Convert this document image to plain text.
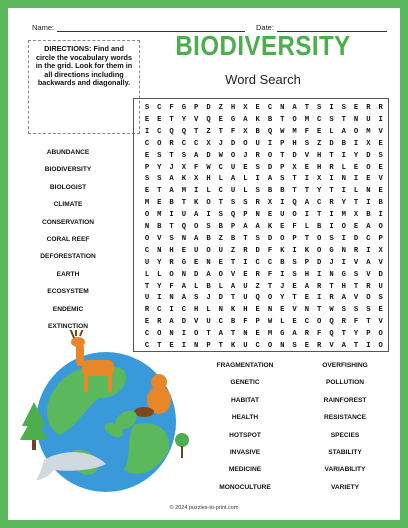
Name:	Date:
DIRECTIONS: Find and circle the vocabulary words in the grid. Look for them in all directions including backwards and diagonally.
BIODIVERSITY
Word Search
S	C	F	G	P	D	Z	H	X	E	C	N	A	T	S	I	S	E	R	R
E	E	T	Y	V	Q	E	G	A	K	B	T	O	M	C	S	T	N	U	I
I	C	Q	Q	T	Z	T	F	X	B	Q	W	M	F	E	L	A	O	M	V
C	O	R	C	C	X	J	D	O	U	I	P	H	S	Z	D	B	I	X	E
E	S	T	S	A	D	W	O	J	R	O	T	D	V	H	T	I	Y	D	S
P	Y	J	X	F	W	C	U	E	S	D	P	X	E	H	R	L	E	O	E
S	S	A	K	X	H	L	A	L	I	A	S	T	I	X	I	N	I	E	V
E	T	A	M	I	L	C	U	L	S	B	B	T	T	Y	T	I	L	N	E
M	E	B	T	K	O	T	S	S	R	X	I	Q	A	C	R	Y	T	I	B
O	M	I	U	A	I	S	Q	P	N	E	U	O	I	T	I	M	X	B	I
N	B	T	Q	O	S	B	P	A	A	K	E	F	L	B	I	O	E	A	O
O	V	S	N	A	B	Z	B	T	S	D	O	P	T	O	S	I	D	C	P
C	N	H	E	U	O	U	Z	R	D	F	K	I	K	O	G	N	R	I	X
U	Y	R	G	E	N	E	T	I	C	C	B	S	P	D	J	I	V	A	V
L	L	O	N	D	A	O	V	E	R	F	I	S	H	I	N	G	S	V	D
T	Y	F	A	L	B	L	A	U	Z	T	J	E	A	R	T	H	T	R	U
U	I	N	A	S	J	D	T	U	Q	O	Y	T	E	I	R	A	V	O	S
R	C	I	C	H	L	N	K	H	E	N	E	V	N	T	W	S	S	S	E
E	R	A	D	V	U	C	B	F	P	W	L	E	C	O	Q	R	F	T	V
C	O	N	I	O	T	A	T	N	E	M	G	A	R	F	Q	T	Y	P	O
C	T	E	I	N	P	T	K	U	C	O	N	S	E	R	V	A	T	I	O
ABUNDANCE
BIODIVERSITY
BIOLOGIST
CLIMATE
CONSERVATION
CORAL REEF
DEFORESTATION
EARTH
ECOSYSTEM
ENDEMIC
EXTINCTION
FRAGMENTATION
GENETIC
HABITAT
HEALTH
HOTSPOT
INVASIVE
MEDICINE
MONOCULTURE
OVERFISHING
POLLUTION
RAINFOREST
RESISTANCE
SPECIES
STABILITY
VARIABILITY
VARIETY
© 2024 puzzles-to-print.com
